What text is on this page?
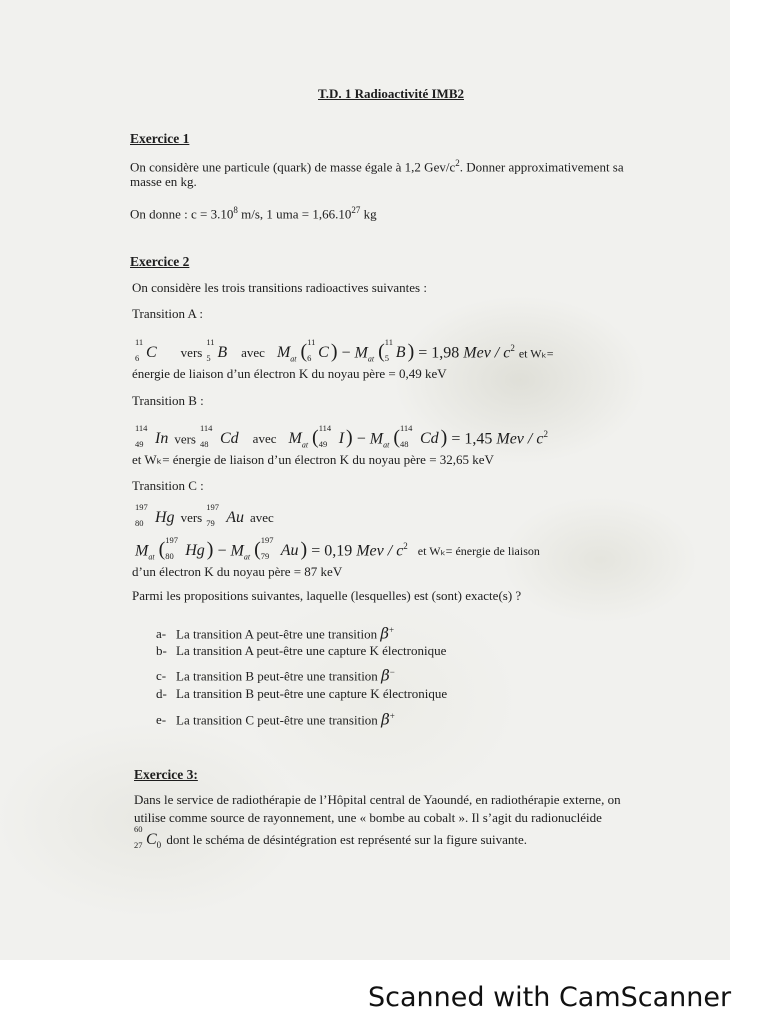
T.D. 1 Radioactivité IMB2
Exercice 1
On considère une particule (quark) de masse égale à 1,2 Gev/$c^2$. Donner approximativement sa
masse en kg.
On donne : $c = 3.10^8$ m/s, 1 uma = $1,66.10^{27}$ kg
Exercice 2
On considère les trois transitions radioactives suivantes :
Transition A :
11
6 C vers
11
5 B avec $M_{at}$ ( 11
6 C ) − $M_{at}$ ( 11
5 B ) = 1,98 Mev / $c^2$ et Wₖ=
énergie de liaison d’un électron K du noyau père = 0,49 keV
Transition B :
114
49 In vers
114
48 Cd avec $M_{at}$ ( 114
49 I ) − $M_{at}$ ( 114
48 Cd ) = 1,45 Mev / $c^2$
et Wₖ= énergie de liaison d’un électron K du noyau père = 32,65 keV
Transition C :
197
80 Hg vers
197
79 Au avec
$M_{at}$ ( 197
80 Hg ) − $M_{at}$ ( 197
79 Au ) = 0,19 Mev / $c^2$ et Wₖ= énergie de liaison
d’un électron K du noyau père = 87 keV
Parmi les propositions suivantes, laquelle (lesquelles) est (sont) exacte(s) ?
a- La transition A peut-être une transition β+
b- La transition A peut-être une capture K électronique
c- La transition B peut-être une transition β−
d- La transition B peut-être une capture K électronique
e- La transition C peut-être une transition β+
Exercice 3:
Dans le service de radiothérapie de l’Hôpital central de Yaoundé, en radiothérapie externe, on
utilise comme source de rayonnement, une « bombe au cobalt ». Il s’agit du radionucléide
60
27 $C_0$ dont le schéma de désintégration est représenté sur la figure suivante.
Scanned with CamScanner
